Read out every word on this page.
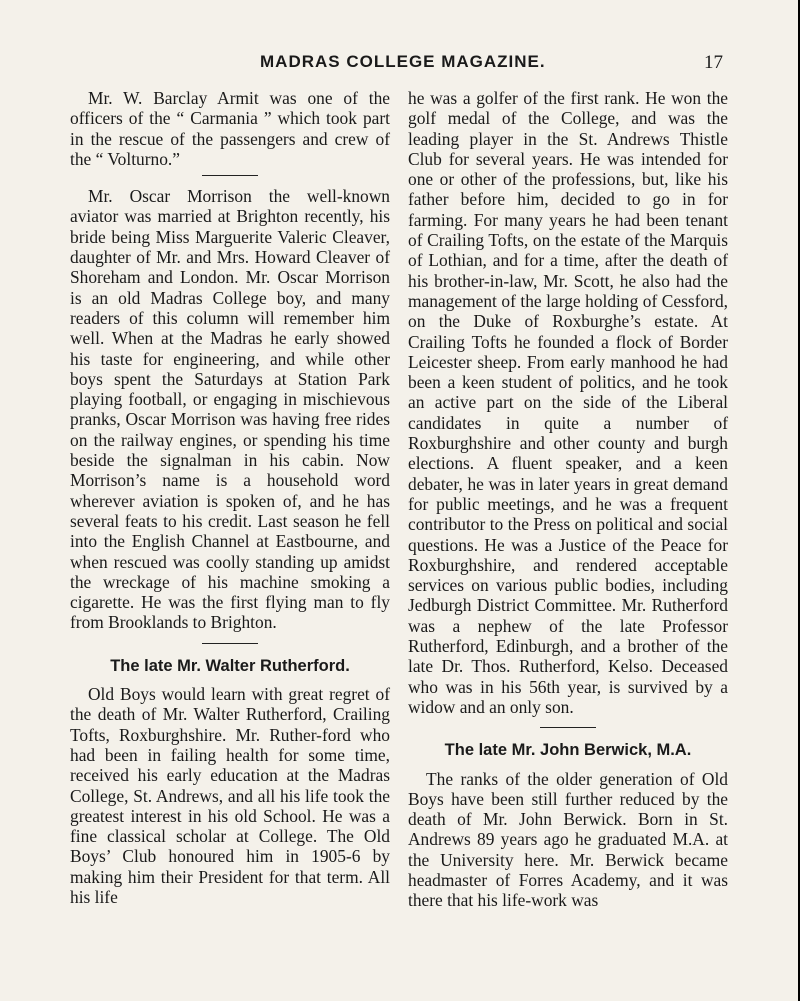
MADRAS COLLEGE MAGAZINE.	17

Mr. W. Barclay Armit was one of the officers of the “ Carmania ” which took part in the rescue of the passengers and crew of the “ Volturno.”

Mr. Oscar Morrison the well-known aviator was married at Brighton recently, his bride being Miss Marguerite Valeric Cleaver, daughter of Mr. and Mrs. Howard Cleaver of Shoreham and London. Mr. Oscar Morrison is an old Madras College boy, and many readers of this column will remember him well. When at the Madras he early showed his taste for engineering, and while other boys spent the Saturdays at Station Park playing football, or engaging in mischievous pranks, Oscar Morrison was having free rides on the railway engines, or spending his time beside the signalman in his cabin. Now Morrison’s name is a household word wherever aviation is spoken of, and he has several feats to his credit. Last season he fell into the English Channel at Eastbourne, and when rescued was coolly standing up amidst the wreckage of his machine smoking a cigarette. He was the first flying man to fly from Brooklands to Brighton.

The late Mr. Walter Rutherford.

Old Boys would learn with great regret of the death of Mr. Walter Rutherford, Crailing Tofts, Roxburghshire. Mr. Ruther-ford who had been in failing health for some time, received his early education at the Madras College, St. Andrews, and all his life took the greatest interest in his old School. He was a fine classical scholar at College. The Old Boys’ Club honoured him in 1905-6 by making him their President for that term. All his life

he was a golfer of the first rank. He won the golf medal of the College, and was the leading player in the St. Andrews Thistle Club for several years. He was intended for one or other of the professions, but, like his father before him, decided to go in for farming. For many years he had been tenant of Crailing Tofts, on the estate of the Marquis of Lothian, and for a time, after the death of his brother-in-law, Mr. Scott, he also had the management of the large holding of Cessford, on the Duke of Roxburghe’s estate. At Crailing Tofts he founded a flock of Border Leicester sheep. From early manhood he had been a keen student of politics, and he took an active part on the side of the Liberal candidates in quite a number of Roxburghshire and other county and burgh elections. A fluent speaker, and a keen debater, he was in later years in great demand for public meetings, and he was a frequent contributor to the Press on political and social questions. He was a Justice of the Peace for Roxburghshire, and rendered acceptable services on various public bodies, including Jedburgh District Committee. Mr. Rutherford was a nephew of the late Professor Rutherford, Edinburgh, and a brother of the late Dr. Thos. Rutherford, Kelso. Deceased who was in his 56th year, is survived by a widow and an only son.

The late Mr. John Berwick, M.A.

The ranks of the older generation of Old Boys have been still further reduced by the death of Mr. John Berwick. Born in St. Andrews 89 years ago he graduated M.A. at the University here. Mr. Berwick became headmaster of Forres Academy, and it was there that his life-work was
